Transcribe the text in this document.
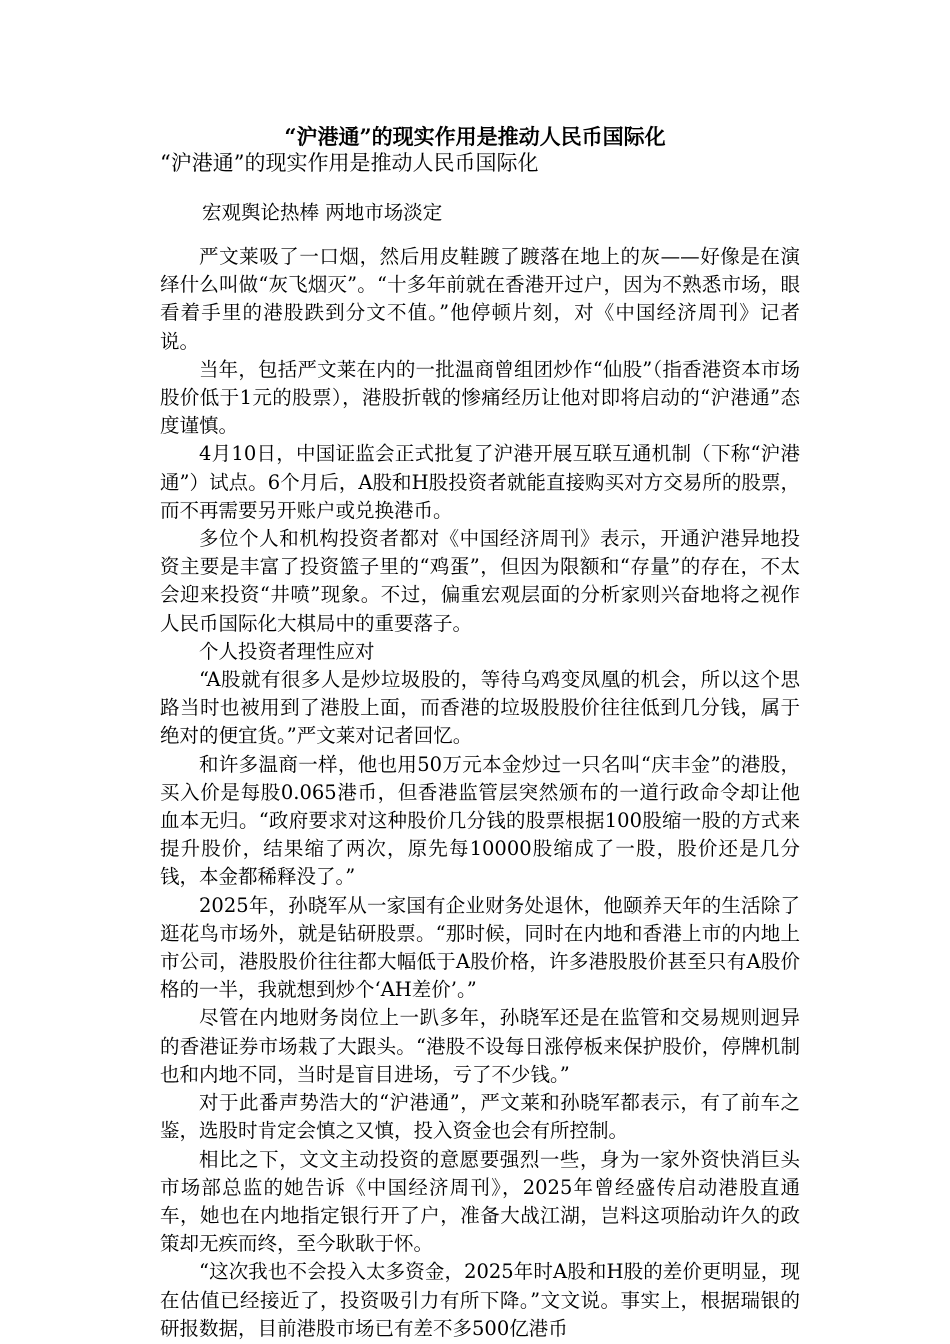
“沪港通”的现实作用是推动人民币国际化
“沪港通”的现实作用是推动人民币国际化
宏观舆论热棒 两地市场淡定

严文莱吸了一口烟，然后用皮鞋踱了踱落在地上的灰——好像是在演绎什么叫做“灰飞烟灭”。“十多年前就在香港开过户，因为不熟悉市场，眼看着手里的港股跌到分文不值。”他停顿片刻，对《中国经济周刊》记者说。

当年，包括严文莱在内的一批温商曾组团炒作“仙股”（指香港资本市场股价低于1元的股票），港股折戟的惨痛经历让他对即将启动的“沪港通”态度谨慎。

4月10日，中国证监会正式批复了沪港开展互联互通机制（下称“沪港通”）试点。6个月后，A股和H股投资者就能直接购买对方交易所的股票，而不再需要另开账户或兑换港币。

多位个人和机构投资者都对《中国经济周刊》表示，开通沪港异地投资主要是丰富了投资篮子里的“鸡蛋”，但因为限额和“存量”的存在，不太会迎来投资“井喷”现象。不过，偏重宏观层面的分析家则兴奋地将之视作人民币国际化大棋局中的重要落子。

个人投资者理性应对

“A股就有很多人是炒垃圾股的，等待乌鸡变凤凰的机会，所以这个思路当时也被用到了港股上面，而香港的垃圾股股价往往低到几分钱，属于绝对的便宜货。”严文莱对记者回忆。

和许多温商一样，他也用50万元本金炒过一只名叫“庆丰金”的港股，买入价是每股0.065港币，但香港监管层突然颁布的一道行政命令却让他血本无归。“政府要求对这种股价几分钱的股票根据100股缩一股的方式来提升股价，结果缩了两次，原先每10000股缩成了一股，股价还是几分钱，本金都稀释没了。”

2025年，孙晓军从一家国有企业财务处退休，他颐养天年的生活除了逛花鸟市场外，就是钻研股票。“那时候，同时在内地和香港上市的内地上市公司，港股股价往往都大幅低于A股价格，许多港股股价甚至只有A股价格的一半，我就想到炒个‘AH差价’。”

尽管在内地财务岗位上一趴多年，孙晓军还是在监管和交易规则迥异的香港证券市场栽了大跟头。“港股不设每日涨停板来保护股价，停牌机制也和内地不同，当时是盲目进场，亏了不少钱。”

对于此番声势浩大的“沪港通”，严文莱和孙晓军都表示，有了前车之鉴，选股时肯定会慎之又慎，投入资金也会有所控制。

相比之下，文文主动投资的意愿要强烈一些，身为一家外资快消巨头市场部总监的她告诉《中国经济周刊》，2025年曾经盛传启动港股直通车，她也在内地指定银行开了户，准备大战江湖，岂料这项胎动许久的政策却无疾而终，至今耿耿于怀。

“这次我也不会投入太多资金，2025年时A股和H股的差价更明显，现在估值已经接近了，投资吸引力有所下降。”文文说。事实上，根据瑞银的研报数据，目前港股市场已有差不多500亿港币
